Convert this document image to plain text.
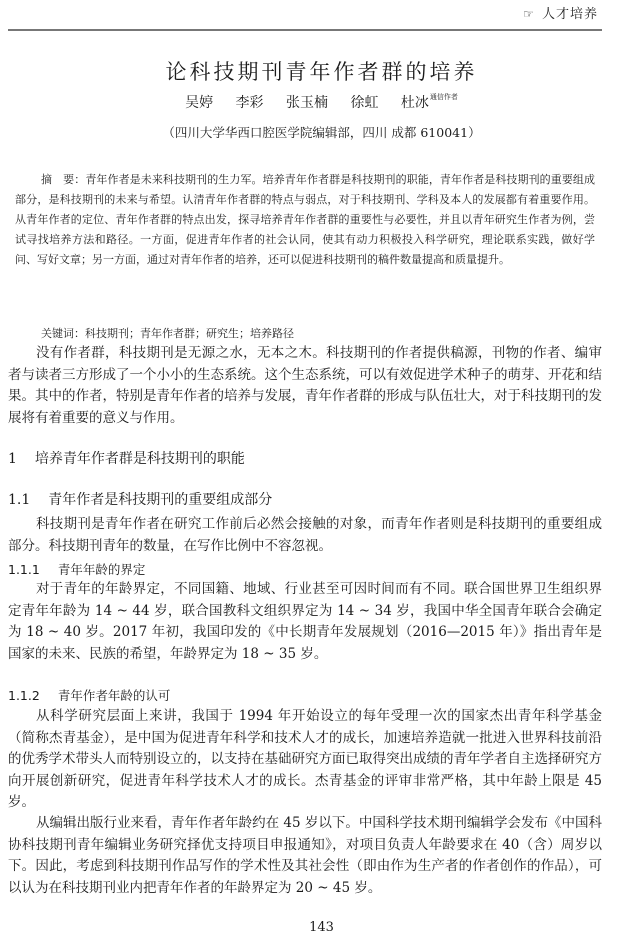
☞ 人才培养
论科技期刊青年作者群的培养
吴婷 李彩 张玉楠 徐虹 杜冰$^{通信作者}$
（四川大学华西口腔医学院编辑部，四川 成都 610041）
摘　要：青年作者是未来科技期刊的生力军。培养青年作者群是科技期刊的职能，青年作者是科技期刊的重要组成部分，是科技期刊的未来与希望。认清青年作者群的特点与弱点，对于科技期刊、学科及本人的发展都有着重要作用。从青年作者的定位、青年作者群的特点出发，探寻培养青年作者群的重要性与必要性，并且以青年研究生作者为例，尝试寻找培养方法和路径。一方面，促进青年作者的社会认同，使其有动力积极投入科学研究，理论联系实践，做好学问、写好文章；另一方面，通过对青年作者的培养，还可以促进科技期刊的稿件数量提高和质量提升。
关键词：科技期刊；青年作者群；研究生；培养路径

没有作者群，科技期刊是无源之水，无本之木。科技期刊的作者提供稿源，刊物的作者、编审者与读者三方形成了一个小小的生态系统。这个生态系统，可以有效促进学术种子的萌芽、开花和结果。其中的作者，特别是青年作者的培养与发展，青年作者群的形成与队伍壮大，对于科技期刊的发展将有着重要的意义与作用。

1 培养青年作者群是科技期刊的职能
1.1 青年作者是科技期刊的重要组成部分

科技期刊是青年作者在研究工作前后必然会接触的对象，而青年作者则是科技期刊的重要组成部分。科技期刊青年的数量，在写作比例中不容忽视。

1.1.1 青年年龄的界定

对于青年的年龄界定，不同国籍、地域、行业甚至可因时间而有不同。联合国世界卫生组织界定青年年龄为 14 ~ 44 岁，联合国教科文组织界定为 14 ~ 34 岁，我国中华全国青年联合会确定为 18 ~ 40 岁。2017 年初，我国印发的《中长期青年发展规划（2016—2015 年）》指出青年是国家的未来、民族的希望，年龄界定为 18 ~ 35 岁。

1.1.2 青年作者年龄的认可

从科学研究层面上来讲，我国于 1994 年开始设立的每年受理一次的国家杰出青年科学基金（简称杰青基金），是中国为促进青年科学和技术人才的成长，加速培养造就一批进入世界科技前沿的优秀学术带头人而特别设立的，以支持在基础研究方面已取得突出成绩的青年学者自主选择研究方向开展创新研究，促进青年科学技术人才的成长。杰青基金的评审非常严格，其中年龄上限是 45 岁。

从编辑出版行业来看，青年作者年龄约在 45 岁以下。中国科学技术期刊编辑学会发布《中国科协科技期刊青年编辑业务研究择优支持项目申报通知》，对项目负责人年龄要求在 40（含）周岁以下。因此，考虑到科技期刊作品写作的学术性及其社会性（即由作为生产者的作者创作的作品），可以认为在科技期刊业内把青年作者的年龄界定为 20 ~ 45 岁。

143
